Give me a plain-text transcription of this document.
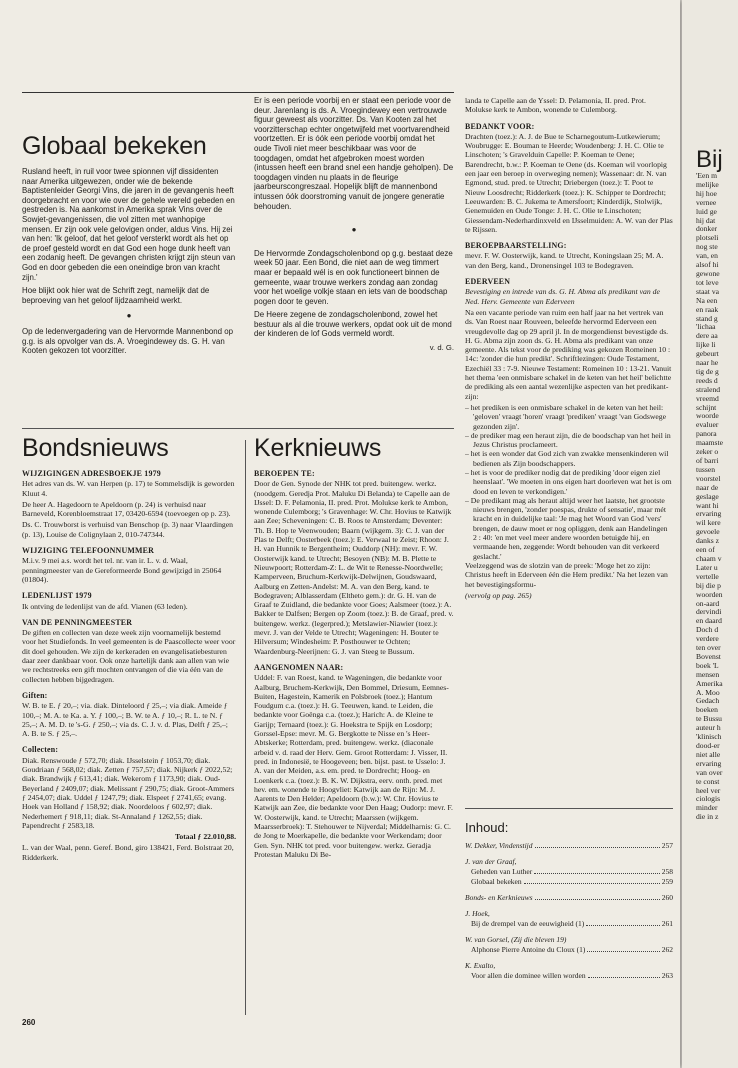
Globaal bekeken

Rusland heeft, in ruil voor twee spionnen vijf dissidenten naar Amerika uitgewezen, onder wie de bekende Baptistenleider Georgi Vins, die jaren in de gevangenis heeft doorgebracht en voor wie over de gehele wereld gebeden en gestreden is. Na aankomst in Amerika sprak Vins over de Sowjet-gevangenissen, die vol zitten met wanhopige mensen. Er zijn ook vele gelovigen onder, aldus Vins. Hij zei van hen: 'Ik geloof, dat het geloof versterkt wordt als het op de proef gesteld wordt en dat God een hoge dunk heeft van een zodanig heeft. De gevangen christen krijgt zijn steun van God en door gebeden die een oneindige bron van kracht zijn.'

Hoe blijkt ook hier wat de Schrift zegt, namelijk dat de beproeving van het geloof lijdzaamheid werkt.

●

Op de ledenvergadering van de Hervormde Mannenbond op g.g. is als opvolger van ds. A. Vroegindewey ds. G. H. van Kooten gekozen tot voorzitter.

Er is een periode voorbij en er staat een periode voor de deur. Jarenlang is ds. A. Vroegindewey een vertrouwde figuur geweest als voorzitter. Ds. Van Kooten zal het voorzitterschap echter ongetwijfeld met voortvarendheid voortzetten. Er is óók een periode voorbij omdat het oude Tivoli niet meer beschikbaar was voor de toogdagen, omdat het afgebroken moest worden (intussen heeft een brand snel een handje geholpen). De toogdagen vinden nu plaats in de fleurige jaarbeurscongreszaal. Hopelijk blijft de mannenbond intussen óók doorstroming vanuit de jongere generatie behouden.

●

De Hervormde Zondagscholenbond op g.g. bestaat deze week 50 jaar. Een Bond, die niet aan de weg timmert maar er bepaald wél is en ook functioneert binnen de gemeente, waar trouwe werkers zondag aan zondag voor het woelige volkje staan en iets van de boodschap pogen door te geven.

De Heere zegene de zondagscholenbond, zowel het bestuur als al die trouwe werkers, opdat ook uit de mond der kinderen de lof Gods vermeld wordt.

v. d. G.
Bondsnieuws
WIJZIGINGEN ADRESBOEKJE 1979

Het adres van ds. W. van Herpen (p. 17) te Sommelsdijk is geworden Kluut 4.

De heer A. Hagedoorn te Apeldoorn (p. 24) is verhuisd naar Barneveld, Korenbloemstraat 17, 03420-6594 (toevoegen op p. 23).

Ds. C. Trouwborst is verhuisd van Benschop (p. 3) naar Vlaardingen (p. 13), Louise de Colignylaan 2, 010-747344.

WIJZIGING TELEFOONNUMMER

M.i.v. 9 mei a.s. wordt het tel. nr. van ir. L. v. d. Waal, penningmeester van de Gereformeerde Bond gewijzigd in 25064 (01804).

LEDENLIJST 1979

Ik ontving de ledenlijst van de afd. Vianen (63 leden).

VAN DE PENNINGMEESTER

De giften en collecten van deze week zijn voornamelijk bestemd voor het Studiefonds. In veel gemeenten is de Paascollecte weer voor dit doel gehouden. We zijn de kerkeraden en evangelisatiebesturen daar zeer dankbaar voor. Ook onze hartelijk dank aan allen van wie we rechtstreeks een gift mochten ontvangen of die via één van de collecten hebben bijgedragen.

Giften:

W. B. te E. ƒ 20,–; via. diak. Dinteloord ƒ 25,–; via diak. Ameide ƒ 100,–; M. A. te Ka. a. Y. ƒ 100,–; B. W. te A. ƒ 10,–; R. L. te N. ƒ 25,–; A. M. D. te 's-G. ƒ 250,–; via ds. C. J. v. d. Plas, Delft ƒ 25,–; A. B. te S. ƒ 25,–.

Collecten:

Diak. Renswoude ƒ 572,70; diak. IJsselstein ƒ 1053,70; diak. Goudriaan ƒ 568,02; diak. Zetten ƒ 757,57; diak. Nijkerk ƒ 2022,52; diak. Brandwijk ƒ 613,41; diak. Wekerom ƒ 1173,90; diak. Oud-Beyerland ƒ 2409,07; diak. Melissant ƒ 290,75; diak. Groot-Ammers ƒ 2454,07; diak. Uddel ƒ 1247,79; diak. Elspeet ƒ 2741,65; evang. Hoek van Holland ƒ 158,92; diak. Noordeloos ƒ 602,97; diak. Nederhemert ƒ 918,11; diak. St-Annaland ƒ 1262,55; diak. Papendrecht ƒ 2583,18.

Totaal ƒ 22.010,88.

L. van der Waal, penn. Geref. Bond, giro 138421, Ferd. Bolstraat 20, Ridderkerk.

Kerknieuws
BEROEPEN TE:

Door de Gen. Synode der NHK tot pred. buitengew. werkz. (noodgem. Geredja Prot. Maluku Di Belanda) te Capelle aan de IJssel: D. F. Pelamonia, II. pred. Prot. Molukse kerk te Ambon, wonende Culemborg; 's Gravenhage: W. Chr. Hovius te Katwijk aan Zee; Scheveningen: C. B. Roos te Amsterdam; Deventer: Th. B. Hop te Veenwouden; Baarn (wijkgem. 3): C. J. van der Plas te Delft; Oosterbeek (toez.): E. Verwaal te Zeist; Rhoon: J. H. van Hunnik te Bergentheim; Ouddorp (NH): mevr. F. W. Oosterwijk kand. te Utrecht; Besoyen (NB): M. B. Plette te Nieuwpoort; Rotterdam-Z: L. de Wit te Renesse-Noordwelle; Kamperveen, Bruchum-Kerkwijk-Delwijnen, Goudswaard, Aalburg en Zetten-Andelst: M. A. van den Berg, kand. te Bodegraven; Alblasserdam (Eltheto gem.): dr. G. H. van de Graaf te Zuidland, die bedankte voor Goes; Aalsmeer (toez.): A. Bakker te Dalfsen; Bergen op Zoom (toez.): B. de Graaf, pred. v. buitengew. werkz. (legerpred.); Metslawier-Niawier (toez.): mevr. J. van der Velde te Utrecht; Wageningen: H. Bouter te Hilversum; Windesheim: P. Posthouwer te Ochten; Waardenburg-Neerijnen: G. J. van Steeg te Bussum.

AANGENOMEN NAAR:

Uddel: F. van Roest, kand. te Wageningen, die bedankte voor Aalburg, Bruchem-Kerkwijk, Den Bommel, Driesum, Eemnes-Buiten, Hagestein, Kamerik en Polsbroek (toez.); Hantum Foudgum c.a. (toez.): H. G. Teeuwen, kand. te Leiden, die bedankte voor Goënga c.a. (toez.); Harich: A. de Kleine te Garijp; Ternaard (toez.): G. Hoekstra te Spijk en Losdorp; Gorssel-Epse: mevr. M. G. Bergkotte te Nisse en 's Heer-Abtskerke; Rotterdam, pred. buitengew. werkz. (diaconale arbeid v. d. raad der Herv. Gem. Groot Rotterdam: J. Visser, II. pred. in Indonesië, te Hoogeveen; ben. bijst. past. te Usselo: J. A. van der Meiden, a.s. em. pred. te Dordrecht; Hoog- en Loenkerk c.a. (toez.): B. K. W. Dijkstra, eerv. onth. pred. met hev. em. wonende te Hoogvliet: Katwijk aan de Rijn: M. J. Aarents te Den Helder; Apeldoorn (b.w.): W. Chr. Hovius te Katwijk aan Zee, die bedankte voor Den Haag; Oudorp: mevr. F. W. Oosterwijk, kand. te Utrecht; Maarssen (wijkgem. Maarsserbroek): T. Stehouwer te Nijverdal; Middelharnis: G. C. de Jong te Moerkapelle, die bedankte voor Werkendam; door Gen. Syn. NHK tot pred. voor buitengew. werkz. Geradja Protestan Maluku Di Be-

landa te Capelle aan de Yssel: D. Pelamonia, II. pred. Prot. Molukse kerk te Ambon, wonende te Culemborg.

BEDANKT VOOR:

Drachten (toez.): A. J. de Bue te Scharnegoutum-Lutkewierum; Woubrugge: E. Bouman te Heerde; Woudenberg: J. H. C. Olie te Linschoten; 's Gravelduin Capelle: P. Koeman te Oene; Barendrecht, b.w.: P. Koeman te Oene (ds. Koeman wil voorlopig een jaar een beroep in overweging nemen); Wassenaar: dr. N. van Egmond, stud. pred. te Utrecht; Driebergen (toez.): T. Poot te Nieuw Loosdrecht; Ridderkerk (toez.): K. Schipper te Dordrecht; Leeuwarden: B. C. Jukema te Amersfoort; Kinderdijk, Stolwijk, Genemuiden en Oude Tonge: J. H. C. Olie te Linschoten; Giessendam-Nederhardinxveld en IJsselmuiden: A. W. van der Plas te Rijssen.

BEROEPBAARSTELLING:

mevr. F. W. Oosterwijk, kand. te Utrecht, Koningslaan 25; M. A. van den Berg, kand., Dronensingel 103 te Bodegraven.

EDERVEEN

Bevestiging en intrede van ds. G. H. Abma als predikant van de Ned. Herv. Gemeente van Ederveen

Na een vacante periode van ruim een half jaar na het vertrek van ds. Van Roest naar Rouveen, beleefde hervormd Ederveen een vreugdevolle dag op 29 april jl. In de morgendienst bevestigde ds. H. G. Abma zijn zoon ds. G. H. Abma als predikant van onze gemeente. Als tekst voor de prediking was gekozen Romeinen 10 : 14c: 'zonder die hun predikt'. Schriftlezingen: Oude Testament, Ezechiël 33 : 7-9. Nieuwe Testament: Romeinen 10 : 13-21. Vanuit het thema 'een onmisbare schakel in de keten van het heil' belichtte de prediking als een aantal wezenlijke aspecten van het predikant-zijn:

– het prediken is een onmisbare schakel in de keten van het heil: 'geloven' vraagt 'horen' vraagt 'prediken' vraagt 'van Godswege gezonden zijn'.
– de prediker mag een heraut zijn, die de boodschap van het heil in Jezus Christus proclameert.
– het is een wonder dat God zich van zwakke mensenkinderen wil bedienen als Zijn boodschappers.
– het is voor de prediker nodig dat de prediking 'door eigen ziel heenslaat'. 'We moeten in ons eigen hart doorleven wat het is om dood en leven te verkondigen.'
– De predikant mag als heraut altijd weer het laatste, het grootste nieuws brengen, 'zonder poespas, drukte of sensatie', maar mét kracht en in duidelijke taal: 'Je mag het Woord van God 'vers' brengen, de dauw moet er nog opliggen, denk aan Handelingen 2 : 40: 'en met veel meer andere woorden betuigde hij, en vermaande hen, zeggende: Wordt behouden van dit verkeerd geslacht.'

Veelzeggend was de slotzin van de preek: 'Moge het zo zijn: Christus heeft in Ederveen één die Hem predikt.' Na het lezen van het bevestigingsformu-

(vervolg op pag. 265)

Inhoud:
W. Dekker, Vindenstijd	257
J. van der Graaf,
Geheden van Luther	258
Globaal bekeken	259
Bonds- en Kerknieuws	260
J. Hoek,
Bij de drempel van de eeuwigheid (1)	261
W. van Gorsel, (Zij die bleven 19)
Alphonse Pierre Antoine du Cloux (1)	262
K. Exalto,
Voor allen die dominee willen worden	263
260
Bij
'Een m
melijke
hij hoe
vernee
luid ge
hij dat
donker
plotseli
nog ste
van, en
alsof hi
gewone
tot leve
staat va
Na een
en raak
stand g
'lichaa
dere aa
lijke li
gebeurt
naar he
tig de g
reeds d
stralend
vreemd
schijnt
woorde
evaluer
panora
maamste
zeker o
of barri
tussen
voorstel
naar de
geslage
want hi
ervaring
wil kere
gevoele
danks z
een of
chaam v
Later u
vertelle
bij die p
woorden
on-aard
dervindi
en daard
Doch d
verdere
ten over
Bovenst
boek 'L
mensen
Amerika
A. Moo
Gedach
boeken
te Bussu
auteur h
'klinisch
dood-er
niet alle
ervaring
van over
te const
heel ver
ciologis
minder
die in z
